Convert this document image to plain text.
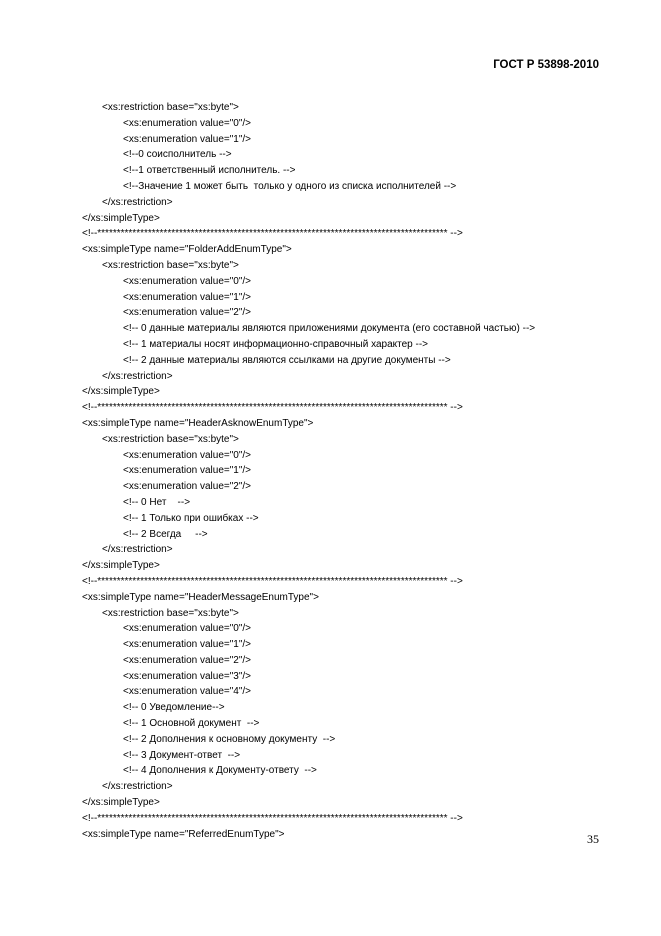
ГОСТ Р 53898-2010
<xs:restriction base="xs:byte">
<xs:enumeration value="0"/>
<xs:enumeration value="1"/>
<!--0 соисполнитель -->
<!--1 ответственный исполнитель. -->
<!--Значение 1 может быть  только у одного из списка исполнителей -->
</xs:restriction>
</xs:simpleType>
<!--****************************************************************************************** -->
<xs:simpleType name="FolderAddEnumType">
<xs:restriction base="xs:byte">
<xs:enumeration value="0"/>
<xs:enumeration value="1"/>
<xs:enumeration value="2"/>
<!-- 0 данные материалы являются приложениями документа (его составной частью) -->
<!-- 1 материалы носят информационно-справочный характер -->
<!-- 2 данные материалы являются ссылками на другие документы -->
</xs:restriction>
</xs:simpleType>
<!--****************************************************************************************** -->
<xs:simpleType name="HeaderAsknowEnumType">
<xs:restriction base="xs:byte">
<xs:enumeration value="0"/>
<xs:enumeration value="1"/>
<xs:enumeration value="2"/>
<!-- 0 Нет    -->
<!-- 1 Только при ошибках -->
<!-- 2 Всегда     -->
</xs:restriction>
</xs:simpleType>
<!--****************************************************************************************** -->
<xs:simpleType name="HeaderMessageEnumType">
<xs:restriction base="xs:byte">
<xs:enumeration value="0"/>
<xs:enumeration value="1"/>
<xs:enumeration value="2"/>
<xs:enumeration value="3"/>
<xs:enumeration value="4"/>
<!-- 0 Уведомление-->
<!-- 1 Основной документ  -->
<!-- 2 Дополнения к основному документу  -->
<!-- 3 Документ-ответ  -->
<!-- 4 Дополнения к Документу-ответу  -->
</xs:restriction>
</xs:simpleType>
<!--****************************************************************************************** -->
<xs:simpleType name="ReferredEnumType">	35
